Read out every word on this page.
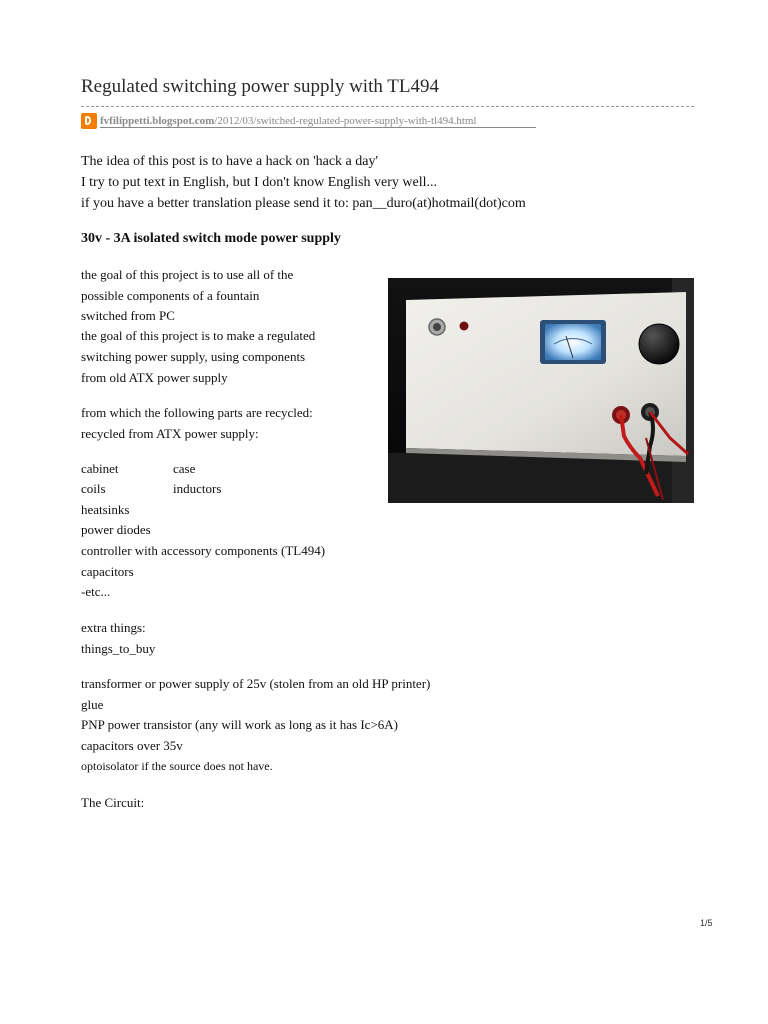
Regulated switching power supply with TL494
fvfilippetti.blogspot.com/2012/03/switched-regulated-power-supply-with-tl494.html
The idea of this post is to have a hack on 'hack a day'
I try to put text in English, but I don't know English very well...
if you have a better translation please send it to: pan__duro(at)hotmail(dot)com
30v - 3A isolated switch mode power supply
the goal of this project is to use all of the
possible components of a fountain
switched from PC
the goal of this project is to make a regulated
switching power supply, using components
from old ATX power supply
from which the following parts are recycled:
recycled from ATX power supply:
cabinet	case
coils	inductors
heatsinks
power diodes
controller with accessory components (TL494)
capacitors
-etc...
extra things:
things_to_buy
transformer or power supply of 25v (stolen from an old HP printer)
glue
PNP power transistor (any will work as long as it has Ic>6A)
capacitors over 35v
optoisolator if the source does not have.
The Circuit:
1/5
